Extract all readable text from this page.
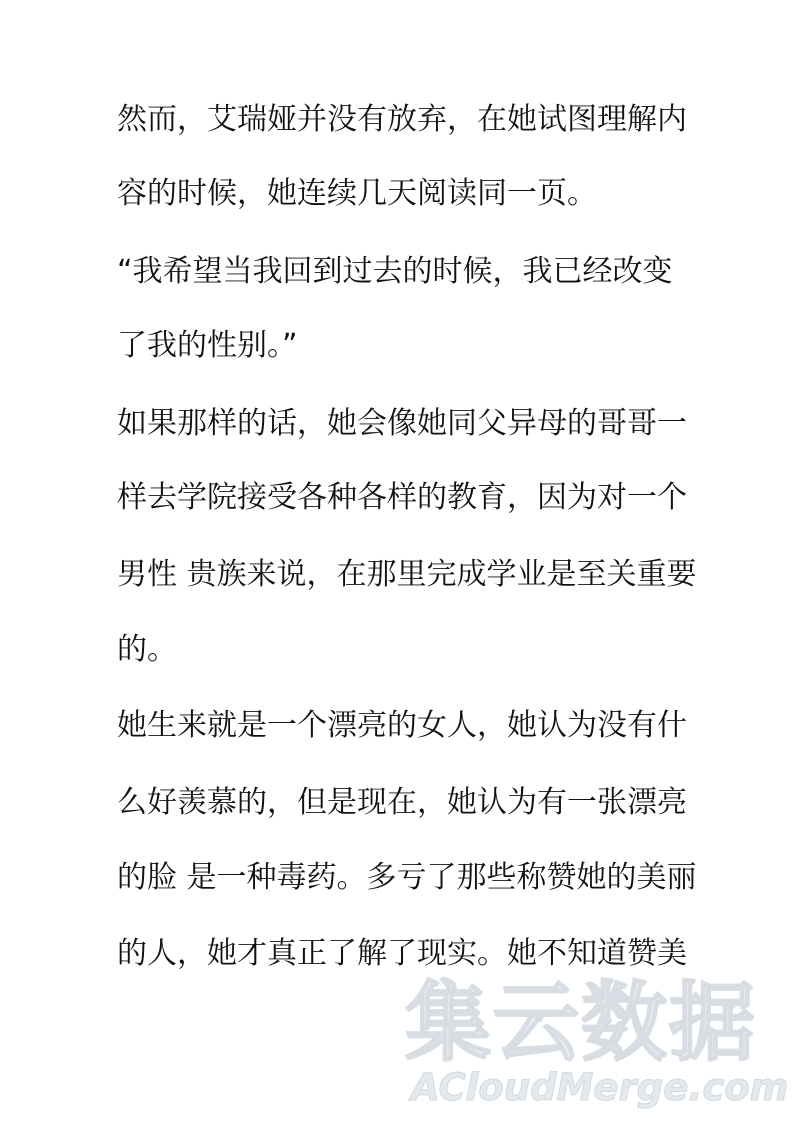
然而，艾瑞娅并没有放弃，在她试图理解内
容的时候，她连续几天阅读同一页。
“我希望当我回到过去的时候，我已经改变
了我的性别。”
如果那样的话，她会像她同父异母的哥哥一
样去学院接受各种各样的教育，因为对一个
男性 贵族来说，在那里完成学业是至关重要
的。
她生来就是一个漂亮的女人，她认为没有什
么好羡慕的，但是现在，她认为有一张漂亮
的脸 是一种毒药。多亏了那些称赞她的美丽
的人，她才真正了解了现实。她不知道赞美
集云数据
ACloudMerge.com
